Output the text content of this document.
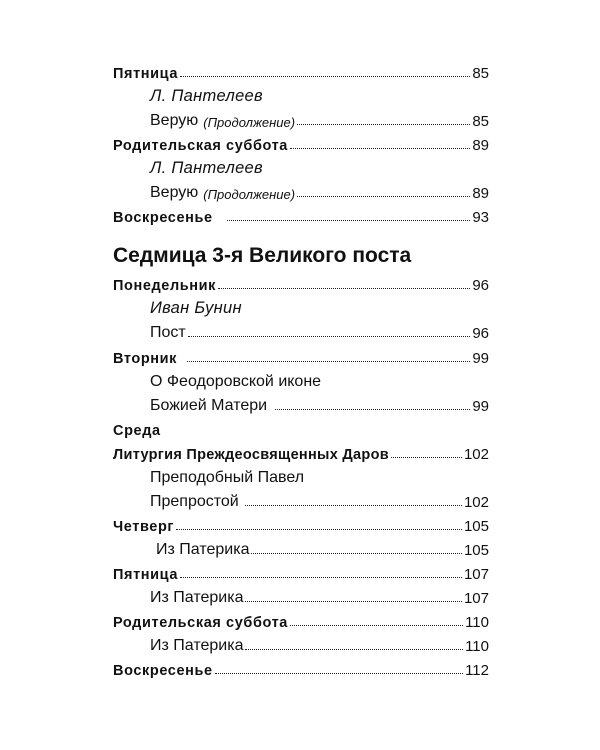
Пятница	85
Л. Пантелеев
Верую (Продолжение)	85
Родительская суббота	89
Л. Пантелеев
Верую (Продолжение)	89
Воскресенье	93
Седмица 3-я Великого поста
Понедельник	96
Иван Бунин
Пост	96
Вторник	99
О Феодоровской иконе
Божией Матери	99
Среда
Литургия Преждеосвященных Даров	102
Преподобный Павел
Препростой	102
Четверг	105
Из Патерика	105
Пятница	107
Из Патерика	107
Родительская суббота	110
Из Патерика	110
Воскресенье	112
